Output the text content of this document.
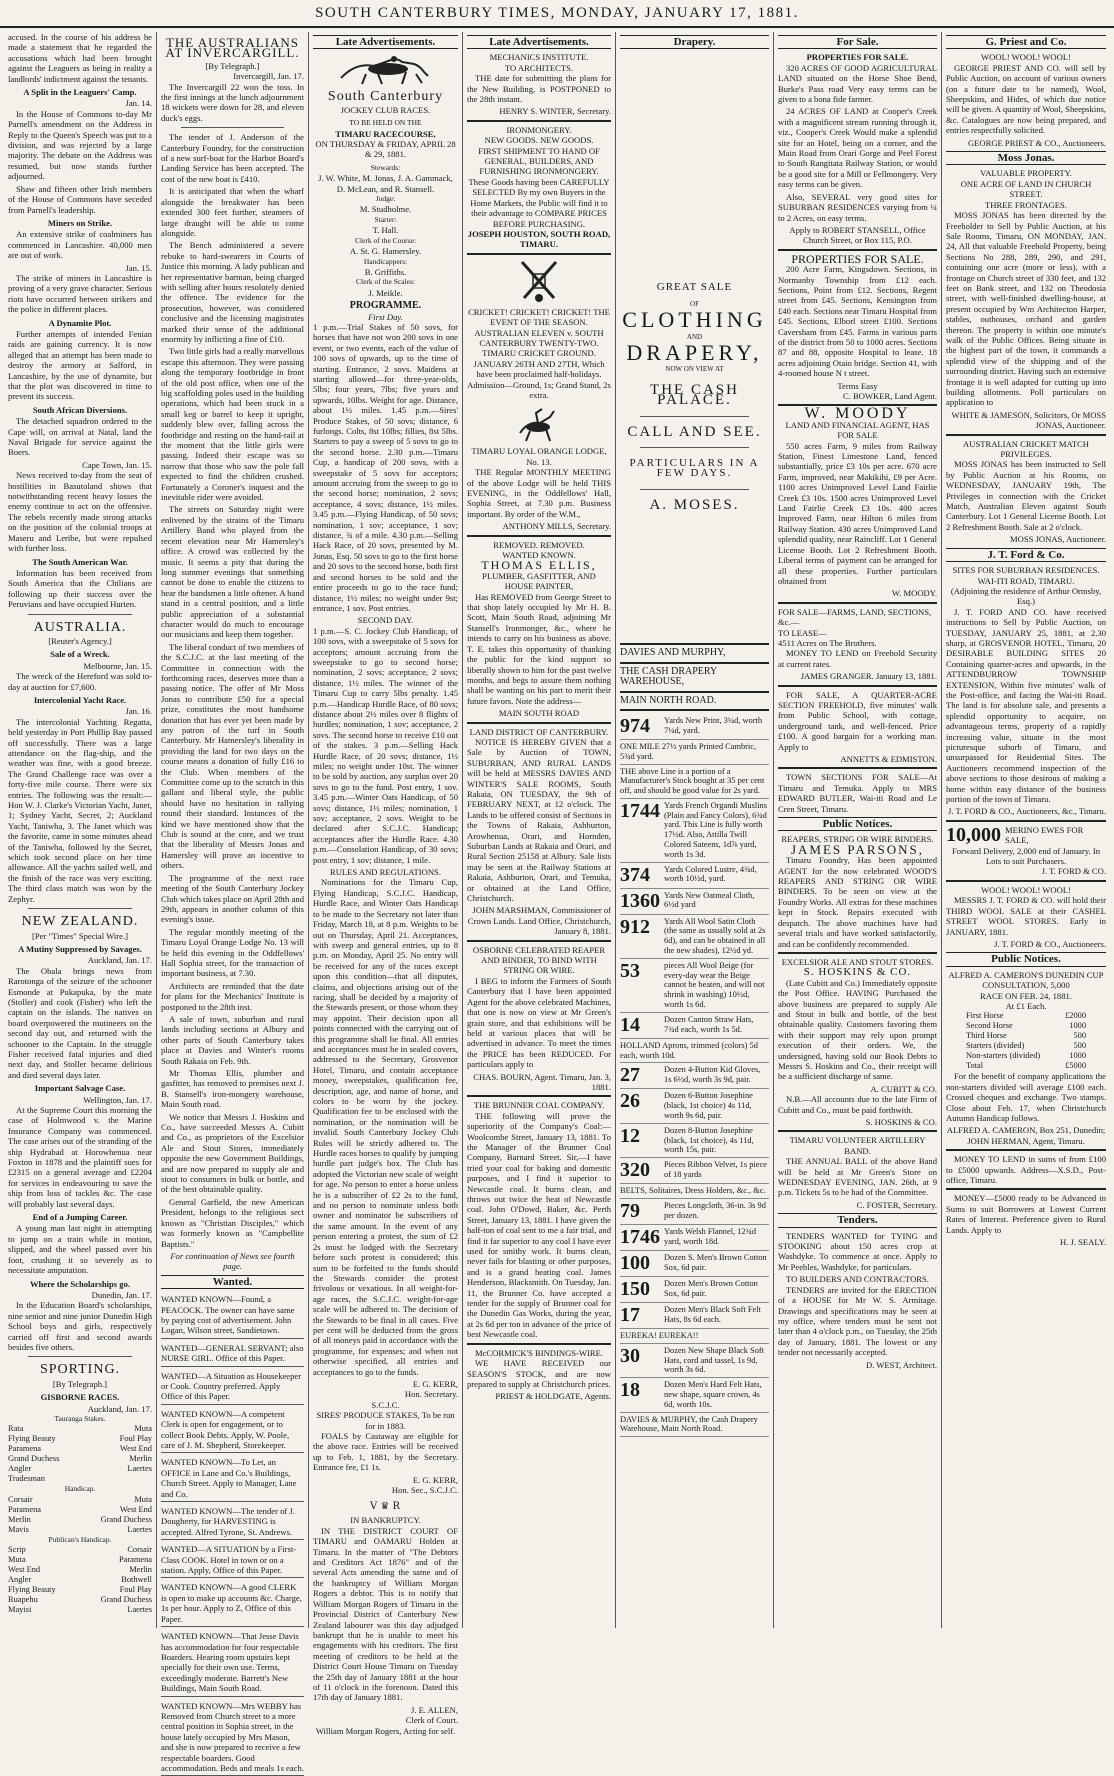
SOUTH CANTERBURY TIMES, MONDAY, JANUARY 17, 1881.

accused. In the course of his address he made a statement that he regarded the accusations which had been brought against the Leaguers as being in reality a landlords' indictment against the tenants.

A Split in the Leaguers' Camp.
Jan. 14.

In the House of Commons to-day Mr Parnell's amendment on the Address in Reply to the Queen's Speech was put to a division, and was rejected by a large majority. The debate on the Address was resumed, but now stands further adjourned.

Shaw and fifteen other Irish members of the House of Commons have seceded from Parnell's leadership.

Miners on Strike.

An extensive strike of coalminers has commenced in Lancashire. 40,000 men are out of work.

Jan. 15.

The strike of miners in Lancashire is proving of a very grave character. Serious riots have occurred between strikers and the police in different places.

A Dynamite Plot.

Further attempts of intended Fenian raids are gaining currency. It is now alleged that an attempt has been made to destroy the armory at Salford, in Lancashire, by the use of dynamite, but that the plot was discovered in time to prevent its success.

South African Diversions.

The detached squadron ordered to the Cape will, on arrival at Natal, land the Naval Brigade for service against the Boers.

Cape Town, Jan. 15.

News received to-day from the seat of hostilities in Basutoland shows that notwithstanding recent heavy losses the enemy continue to act on the offensive. The rebels recently made strong attacks on the position of the colonial troops at Maseru and Leribe, but were repulsed with further loss.

The South American War.

Information has been received from South America that the Chilians are following up their success over the Peruvians and have occupied Hurien.

AUSTRALIA.
[Reuter's Agency.]
Sale of a Wreck.
Melbourne, Jan. 15.

The wreck of the Hereford was sold to-day at auction for £7,600.

Intercolonial Yacht Race.
Jan. 16.

The intercolonial Yachting Regatta, held yesterday in Port Phillip Bay passed off successfully. There was a large attendance on the flag-ship, and the weather was fine, with a good breeze. The Grand Challenge race was over a forty-five mile course. There were six entries. The following was the result:—Hon W. J. Clarke's Victorian Yacht, Janet, 1; Sydney Yacht, Secret, 2; Auckland Yacht, Taniwha, 3. The Janet which was the favorite, came in some minutes ahead of the Taniwha, followed by the Secret, which took second place on her time allowance. All the yachts sailed well, and the finish of the race was very exciting. The third class match was won by the Zephyr.

NEW ZEALAND.
[Per "Times" Special Wire.]
A Mutiny Suppressed by Savages.
Auckland, Jan. 17.

The Obala brings news from Rarotonga of the seizure of the schooner Esmonde at Pukapuka, by the mate (Stoller) and cook (Fisher) who left the captain on the islands. The natives on board overpowered the mutineers on the second day out, and returned with the schooner to the Captain. In the struggle Fisher received fatal injuries and died next day, and Stoller became delirious and died several days later.

Important Salvage Case.
Wellington, Jan. 17.

At the Supreme Court this morning the case of Holmwood v. the Marine Insurance Company was commenced. The case arises out of the stranding of the ship Hydrabad at Horowhenua near Foxton in 1878 and the plaintiff sues for £2315 on a general average and £2204 for services in endeavouring to save the ship from loss of tackles &c. The case will probably last several days.

End of a Jumping Career.

A young man last night in attempting to jump on a train while in motion, slipped, and the wheel passed over his foot, crushing it so severely as to necessitate amputation.

Where the Scholarships go.
Dunedin, Jan. 17.

In the Education Board's scholarships, nine senior and nine junior Dunedin High School boys and girls, respectively carried off first and second awards besides five others.

SPORTING.
[By Telegraph.]
GISBORNE RACES.
Auckland, Jan. 17.
Tauranga Stakes.
Rata	Muta
Flying Beauty	Foul Play
Paramena	West End
Grand Duchess	Merlin
Angler	Laertes
Tradesman
Handicap.
Corsair	Muta
Paramena	West End
Merlin	Grand Duchess
Mavis	Laertes
Publican's Handicap.
Scrip	Corsair
Muta	Paramena
West End	Merlin
Angler	Bothwell
Flying Beauty	Foul Play
Ruapehu	Grand Duchess
Mayisi	Laertes
THE AUSTRALIANS AT INVERCARGILL.
[By Telegraph.]
Invercargill, Jan. 17.

The Invercargill 22 won the toss. In the first innings at the lunch adjournment 18 wickets were down for 28, and eleven duck's eggs.

The tender of J. Anderson of the Canterbury Foundry, for the construction of a new surf-boat for the Harbor Board's Landing Service has been accepted. The cost of the new boat is £410.

It is anticipated that when the wharf alongside the breakwater has been extended 300 feet further, steamers of large draught will be able to come alongside.

The Bench administered a severe rebuke to hard-swearers in Courts of Justice this morning. A lady publican and her representative barman, being charged with selling after hours resolutely denied the offence. The evidence for the prosecution, however, was considered conclusive and the licensing magistrates marked their sense of the additional enormity by inflicting a fine of £10.

Two little girls had a really marvellous escape this afternoon. They were passing along the temporary footbridge in front of the old post office, when one of the big scaffolding poles used in the building operations, which had been stuck in a small keg or barrel to keep it upright, suddenly blew over, falling across the footbridge and resting on the hand-rail at the moment that the little girls were passing. Indeed their escape was so narrow that those who saw the pole fall expected to find the children crushed. Fortunately a Coroner's inquest and the inevitable rider were avoided.

The streets on Saturday night were enlivened by the strains of the Timaru Artillery Band who played from the recent elevation near Mr Hamersley's office. A crowd was collected by the music. It seems a pity that during the long summer evenings that something cannot be done to enable the citizens to hear the bandsmen a little oftener. A band stand in a central position, and a little public appreciation of a substantial character would do much to encourage our musicians and keep them together.

The liberal conduct of two members of the S.C.J.C. at the last meeting of the Committee in connection with the forthcoming races, deserves more than a passing notice. The offer of Mr Moss Jonas to contribute £50 for a special prize, constitutes the most handsome donation that has ever yet been made by any patron of the turf in South Canterbury. Mr Hamersley's liberality in providing the land for two days on the course means a donation of fully £16 to the Club. When members of the Committee come up to the scratch in this gallant and liberal style, the public should have no hesitation in rallying round their standard. Instances of the kind we have mentioned show that the Club is sound at the core, and we trust that the liberality of Messrs Jonas and Hamersley will prove an incentive to others.

The programme of the next race meeting of the South Canterbury Jockey Club which takes place on April 28th and 29th, appears in another column of this evening's issue.

The regular monthly meeting of the Timaru Loyal Orange Lodge No. 13 will be held this evening in the Oddfellows' Hall Sophia street, for the transaction of important business, at 7.30.

Architects are reminded that the date for plans for the Mechanics' Institute is postponed to the 28th inst.

A sale of town, suburban and rural lands including sections at Albury and other parts of South Canterbury takes place at Davies and Winter's rooms South Rakaia on Feb. 9th.

Mr Thomas Ellis, plumber and gasfitter, has removed to premises next J. B. Stansell's iron-mongery warehouse, Main South road.

We notice that Messrs J. Hoskins and Co., have succeeded Messrs A. Cubitt and Co., as proprietors of the Excelsior Ale and Stout Stores, immediately opposite the new Government Buildings, and are now prepared to supply ale and stout to consumers in bulk or bottle, and of the best obtainable quality.

General Garfield, the new American President, belongs to the religious sect known as "Christian Disciples," which was formerly known as "Campbellite Baptists."

For continuation of News see fourth page.
Wanted.
WANTED KNOWN—Found, a PEACOCK. The owner can have same by paying cost of advertisement. John Logan, Wilson street, Sandietown.
WANTED—GENERAL SERVANT; also NURSE GIRL. Office of this Paper.
WANTED—A Situation as Housekeeper or Cook. Country preferred. Apply Office of this Paper.
WANTED KNOWN—A competent Clerk is open for engagement, or to collect Book Debts. Apply, W. Poole, care of J. M. Shepherd, Storekeeper.
WANTED KNOWN—To Let, an OFFICE in Lane and Co.'s Buildings, Church Street. Apply to Manager, Lane and Co.
WANTED KNOWN—The tender of J. Dougherty, for HARVESTING is accepted. Alfred Tyrone, St. Andrews.
WANTED—A SITUATION by a First-Class COOK. Hotel in town or on a station. Apply, Office of this Paper.
WANTED KNOWN—A good CLERK is open to make up accounts &c. Charge, 1s per hour. Apply to Z, Office of this Paper.
WANTED KNOWN—That Jesse Davis has accommodation for four respectable Boarders. Hearing room upstairs kept specially for their own use. Terms, exceedingly moderate. Barrett's New Buildings, Main South Road.
WANTED KNOWN—Mrs WEBBY has Removed from Church street to a more central position in Sophia street, in the house lately occupied by Mrs Mason, and she is now prepared to receive a few respectable boarders. Good accommodation. Beds and meals 1s each.
Late Advertisements.
South Canterbury
JOCKEY CLUB RACES.
TO BE HELD ON THE
TIMARU RACECOURSE,
ON THURSDAY & FRIDAY, APRIL 28 & 29, 1881.
Stewards:
J. W. White, M. Jonas, J. A. Gammack, D. McLean, and R. Stansell.
Judge:
M. Studholme.
Starter:
T. Hall.
Clerk of the Course:
A. St. G. Hamersley.
Handicappers:
B. Griffiths.
Clerk of the Scales:
J. Meikle.
PROGRAMME.
First Day.

1 p.m.—Trial Stakes of 50 sovs, for horses that have not won 200 sovs in one event, or two events, each of the value of 100 sovs of upwards, up to the time of starting. Entrance, 2 sovs. Maidens at starting allowed—for three-year-olds, 5lbs; four years, 7lbs; five years and upwards, 10lbs. Weight for age. Distance, about 1½ miles. 1.45 p.m.—Sires' Produce Stakes, of 50 sovs; distance, 6 furlongs. Colts, 8st 10lbs; fillies, 8st 5lbs. Starters to pay a sweep of 5 sovs to go to the second horse. 2.30 p.m.—Timaru Cup, a handicap of 200 sovs, with a sweepstake of 5 sovs for acceptors; amount accruing from the sweep to go to the second horse; nomination, 2 sovs; acceptance, 4 sovs; distance, 1½ miles. 3.45 p.m.—Flying Handicap, of 50 sovs; nomination, 1 sov; acceptance, 1 sov; distance, ¾ of a mile. 4.30 p.m.—Selling Hack Race, of 20 sovs, presented by M. Jonas, Esq. 50 sovs to go to the first horse and 20 sovs to the second horse, both first and second horses to be sold and the entire proceeds to go to the race fund; distance, 1½ miles; no weight under 9st; entrance, 1 sov. Post entries.

SECOND DAY.

1 p.m.—S. C. Jockey Club Handicap, of 100 sovs, with a sweepstake of 5 sovs for acceptors; amount accruing from the sweepstake to go to second horse; nomination, 2 sovs; acceptance, 2 sovs; distance, 1½ miles. The winner of the Timaru Cup to carry 5lbs penalty. 1.45 p.m.—Handicap Hurdle Race, of 80 sovs; distance about 2½ miles over 8 flights of hurdles; nomination, 1 sov; acceptance, 2 sovs. The second horse to receive £10 out of the stakes. 3 p.m.—Selling Hack Hurdle Race, of 20 sovs; distance, 1½ miles; no weight under 10st. The winner to be sold by auction, any surplus over 20 sovs to go to the fund. Post entry, 1 sov. 3.45 p.m.—Winter Oats Handicap, of 50 sovs; distance, 1½ miles; nomination, 1 sov; acceptance, 2 sovs. Weight to be declared after S.C.J.C. Handicap; acceptances after the Hurdle Race. 4.30 p.m.—Consolation Handicap, of 30 sovs; post entry, 1 sov; distance, 1 mile.

RULES AND REGULATIONS.

Nominations for the Timaru Cup, Flying Handicap, S.C.J.C. Handicap, Hurdle Race, and Winter Oats Handicap to be made to the Secretary not later than Friday, March 18, at 8 p.m. Weights to be out on Thursday, April 21. Acceptances, with sweep and general entries, up to 8 p.m. on Monday, April 25. No entry will be received for any of the races except upon this condition—that all disputes, claims, and objections arising out of the racing, shall be decided by a majority of the Stewards present, or those whom they may appoint. Their decision upon all points connected with the carrying out of this programme shall be final. All entries and acceptances must be in sealed covers, addressed to the Secretary, Grosvenor Hotel, Timaru, and contain acceptance money, sweepstakes, qualification fee, description, age, and name of horse, and colors to be worn by the jockey. Qualification fee to be enclosed with the nomination, or the nomination will be invalid. South Canterbury Jockey Club Rules will be strictly adhered to. The Hurdle races horses to qualify by jumping hurdle part judge's box. The Club has adopted the Victorian new scale of weight for age. No person to enter a horse unless he is a subscriber of £2 2s to the fund, and no person to nominate unless both owner and nominator be subscribers of the same amount. In the event of any person entering a protest, the sum of £2 2s must be lodged with the Secretary before such protest is considered; this sum to be forfeited to the funds should the Stewards consider the protest frivolous or vexatious. In all weight-for-age races, the S.C.J.C. weight-for-age scale will be adhered to. The decision of the Stewards to be final in all cases. Five per cent will be deducted from the gross of all moneys paid in accordance with the programme, for expenses; and when not otherwise specified, all entries and acceptances to go to the funds.

E. G. KERR,
Hon. Secretary.
S.C.J.C.
SIRES' PRODUCE STAKES, To be run for in 1883.

FOALS by Castaway are eligible for the above race. Entries will be received up to Feb. 1, 1881, by the Secretary. Entrance fee, £1 1s.

E. G. KERR,
Hon. Sec., S.C.J.C.
V ♛ R
IN BANKRUPTCY.

IN THE DISTRICT COURT OF TIMARU and OAMARU Holden at Timaru. In the matter of "The Debtors and Creditors Act 1876" and of the several Acts amending the same and of the bankruptcy of William Morgan Rogers a debtor. This is to notify that William Morgan Rogers of Timaru in the Provincial District of Canterbury New Zealand labourer was this day adjudged bankrupt that he is unable to meet his engagements with his creditors. The first meeting of creditors to be held at the District Court House Timaru on Tuesday the 25th day of January 1881 at the hour of 11 o'clock in the forenoon. Dated this 17th day of January 1881.

J. E. ALLEN,
Clerk of Court.
William Morgan Rogers, Acting for self.
Late Advertisements.
MECHANICS INSTITUTE.
TO ARCHITECTS.

THE date for submitting the plans for the New Building, is POSTPONED to the 28th instant.

HENRY S. WINTER, Secretary.
IRONMONGERY.
NEW GOODS. NEW GOODS.
FIRST SHIPMENT TO HAND OF GENERAL, BUILDERS, AND FURNISHING IRONMONGERY.
These Goods having been CAREFULLY SELECTED By my own Buyers in the Home Markets, the Public will find it to their advantage to COMPARE PRICES BEFORE PURCHASING.
JOSEPH HOUSTON, SOUTH ROAD, TIMARU.
CRICKET! CRICKET! CRICKET! THE EVENT OF THE SEASON.
AUSTRALIAN ELEVEN v. SOUTH CANTERBURY TWENTY-TWO.
TIMARU CRICKET GROUND.
JANUARY 26TH AND 27TH, Which have been proclaimed half-holidays.
Admission—Ground, 1s; Grand Stand, 2s extra.
TIMARU LOYAL ORANGE LODGE, No. 13.

THE Regular MONTHLY MEETING of the above Lodge will be held THIS EVENING, in the Oddfellows' Hall, Sophia Street, at 7.30 p.m. Business important. By order of the W.M.,

ANTHONY MILLS, Secretary.
REMOVED. REMOVED.
WANTED KNOWN.
THOMAS ELLIS,
PLUMBER, GASFITTER, AND HOUSE PAINTER,

Has REMOVED from George Street to that shop lately occupied by Mr H. B. Scott, Main South Road, adjoining Mr Stansell's Ironmonger, &c., where he intends to carry on his business as above. T. E. takes this opportunity of thanking the public for the kind support so liberally shown to him for the past twelve months, and begs to assure them nothing shall be wanting on his part to merit their future favors. Note the address—

MAIN SOUTH ROAD
LAND DISTRICT OF CANTERBURY.

NOTICE IS HEREBY GIVEN that a Sale by Auction of TOWN, SUBURBAN, AND RURAL LANDS will be held at MESSRS DAVIES AND WINTER'S SALE ROOMS, South Rakaia, ON TUESDAY, the 9th of FEBRUARY NEXT, at 12 o'clock. The Lands to be offered consist of Sections in the Towns of Rakaia, Ashburton, Arowhenua, Orari, and Hornden, Suburban Lands at Rakaia and Orari, and Rural Section 25158 at Albury. Sale lists may be seen at the Railway Stations at Rakaia, Ashburton, Orari, and Temuka, or obtained at the Land Office, Christchurch.

JOHN MARSHMAN, Commissioner of Crown Lands. Land Office, Christchurch, January 8, 1881.
OSBORNE CELEBRATED REAPER AND BINDER, TO BIND WITH STRING OR WIRE.

I BEG to inform the Farmers of South Canterbury that I have been appointed Agent for the above celebrated Machines, that one is now on view at Mr Green's grain store, and that exhibitions will be held at various places that will be advertised in advance. To meet the times the PRICE has been REDUCED. For particulars apply to

CHAS. BOURN, Agent. Timaru, Jan. 3, 1881.
THE BRUNNER COAL COMPANY.

THE following will prove the superiority of the Company's Coal:— Woolcombe Street, January 13, 1881. To the Manager of the Brunner Coal Company, Barnard Street. Sir,—I have tried your coal for baking and domestic purposes, and I find it superior to Newcastle coal. It burns clean, and throws out twice the heat of Newcastle coal. John O'Dowd, Baker, &c. Perth Street, January 13, 1881. I have given the half-ton of coal sent to me a fair trial, and find it far superior to any coal I have ever used for smithy work. It burns clean, never fails for blasting or other purposes, and is a grand heating coal. James Henderson, Blacksmith. On Tuesday, Jan. 11, the Brunner Co. have accepted a tender for the supply of Brunner coal for the Dunedin Gas Works, during the year, at 2s 6d per ton in advance of the price of best Newcastle coal.

McCORMICK'S BINDINGS-WIRE.

WE HAVE RECEIVED our SEASON'S STOCK, and are now prepared to supply at Christchurch prices.

PRIEST & HOLDGATE, Agents.
Drapery.
GREAT SALE
OF
CLOTHING
AND
DRAPERY,
NOW ON VIEW AT
THE CASH PALACE.
CALL AND SEE.
PARTICULARS IN A FEW DAYS.
A. MOSES.
DAVIES AND MURPHY,
THE CASH DRAPERY WAREHOUSE,
MAIN NORTH ROAD.
974	Yards New Print, 3¼d, worth 7¼d, yard.
ONE MILE 27½ yards Printed Cambric, 5¾d yard.
THE above Line is a portion of a Manufacturer's Stock bought at 35 per cent off, and should be good value for 2s yard.
1744 Yards French Organdi Muslins (Plain and Fancy Colors), 6¾d yard. This Line is fully worth 17½d. Also, Attilla Twill Colored Sateens, 1d⅞ yard, worth 1s 3d.
374	Yards Colored Lustre, 4¾d, worth 10½d, yard.
1360 Yards New Oatmeal Cloth, 6½d yard
912	Yards All Wool Satin Cloth (the same as usually sold at 2s 6d), and can be obtained in all the new shades), 12½d yd.
53	pieces All Wool Beige (for every-day wear the Beige cannot be beaten, and will not shrink in washing) 10½d, worth 1s 6d.
14	Dozen Canton Straw Hats, 7¾d each, worth 1s 5d.
HOLLAND Aprons, trimmed (colors) 5d each, worth 10d.
27	Dozen 4-Button Kid Gloves, 1s 6½d, worth 3s 9d, pair.
26	Dozen 6-Button Josephine (black, 1st choice) 4s 11d, worth 9s 6d, pair.
12	Dozen 8-Button Josephine (black, 1st choice), 4s 11d, worth 15s, pair.
320	Pieces Ribbon Velvet, 1s piece of 18 yards
BELTS, Solitaires, Dress Holders, &c., &c.
79	Pieces Longcloth, 36-in. 3s 9d per dozen.
1746 Yards Welsh Flannel, 12¾d yard, worth 18d.
100	Dozen S. Men's Brown Cotton Sox, 6d pair.
150	Dozen Men's Brown Cotton Sox, 6d pair.
17	Dozen Men's Black Soft Felt Hats, 8s 6d each.
EUREKA! EUREKA!!
30	Dozen New Shape Black Soft Hats, cord and tassel, 1s 9d, worth 3s 6d.
18	Dozen Men's Hard Felt Hats, new shape, square crown, 4s 6d, worth 10s.
DAVIES & MURPHY, the Cash Drapery Warehouse, Main North Road.
For Sale.
PROPERTIES FOR SALE.

320 ACRES OF GOOD AGRICULTURAL LAND situated on the Horse Shoe Bend, Burke's Pass road Very easy terms can be given to a bona fide farmer.

24 ACRES OF LAND at Cooper's Creek with a magnificent stream running through it, viz., Cooper's Creek Would make a splendid site for an Hotel, being on a corner, and the Main Road from Orari Gorge and Peel Forest to South Rangitata Railway Station, or would be a good site for a Mill or Fellmongery. Very easy terms can be given.

Also, SEVERAL very good sites for SUBURBAN RESIDENCES varying from ¼ to 2 Acres, on easy terms.

Apply to ROBERT STANSELL, Office Church Street, or Box 115, P.O.
PROPERTIES FOR SALE.

200 Acre Farm, Kingsdown. Sections, in Normanby Township from £12 each. Sections, Point from £12. Sections, Regent street from £45. Sections, Kensington from £40 each. Sections near Timaru Hospital from £45. Sections, Elborl street £100. Sections Caversham from £45. Farms in various parts of the district from 50 to 1000 acres. Sections 87 and 88, opposite Hospital to lease. 18 acres adjoining Otaio bridge. Section 41, with 4-roomed house N t street.

Terms Easy
C. BOWKER, Land Agent.
W. MOODY
LAND AND FINANCIAL AGENT, HAS FOR SALE

550 acres Farm, 9 miles from Railway Station, Finest Limestone Land, fenced substantially, price £3 10s per acre. 670 acre Farm, improved, near Makikihi, £9 per Acre. 1100 acres Unimproved Level Land Fairlie Creek £3 10s. 1500 acres Unimproved Level Land Fairlie Creek £3 10s. 400 acres Improved Farm, near Hilton 6 miles from Railway Station. 430 acres Unimproved Land splendid quality, near Raincliff. Lot 1 General License Booth. Lot 2 Refreshment Booth. Liberal terms of payment can be arranged for all these properties. Further particulars obtained from

W. MOODY.
FOR SALE—FARMS, LAND, SECTIONS, &c.—
TO LEASE—
4511 Acres on The Brothers.

MONEY TO LEND on Freehold Security at current rates.

JAMES GRANGER. January 13, 1881.

FOR SALE, A QUARTER-ACRE SECTION FREEHOLD, five minutes' walk from Public School, with cottage, underground tank, and well-fenced. Price £100. A good bargain for a working man. Apply to

ANNETTS & EDMISTON.

TOWN SECTIONS FOR SALE—At Timaru and Temuka. Apply to MRS EDWARD BUTLER, Wai-iti Road and Le Cren Street, Timaru.

Public Notices.
REAPERS, STRING OR WIRE BINDERS.
JAMES PARSONS,

Timaru Foundry, Has been appointed AGENT for the now celebrated WOOD'S REAPERS AND STRING OR WIRE BINDERS. To be seen on view at the Foundry Works. All extras for these machines kept in Stock. Repairs executed with despatch. The above machines have had several trials and have worked satisfactorily, and can be confidently recommended.

EXCELSIOR ALE AND STOUT STORES.
S. HOSKINS & CO.

(Late Cubitt and Co.) Immediately opposite the Post Office. HAVING Purchased the above business are prepared to supply Ale and Stout in bulk and bottle, of the best obtainable quality. Customers favoring them with their support may rely upon prompt execution of their orders. We, the undersigned, having sold our Book Debts to Messrs S. Hoskins and Co., their receipt will be a sufficient discharge of same.

A. CUBITT & CO.

N.B.—All accounts due to the late Firm of Cubitt and Co., must be paid forthwith.

S. HOSKINS & CO.
TIMARU VOLUNTEER ARTILLERY BAND.

THE ANNUAL BALL of the above Band will be held at Mr Green's Store on WEDNESDAY EVENING, JAN. 26th, at 9 p.m. Tickets 5s to be had of the Committee.

C. FOSTER, Secretary.
Tenders.

TENDERS WANTED for TYING and STOOKING about 150 acres crop at Washdyke. To commence at once. Apply to Mr Peebles, Washdyke, for particulars.

TO BUILDERS AND CONTRACTORS.

TENDERS are invited for the ERECTION of a HOUSE for Mr W. S. Armitage. Drawings and specifications may be seen at my office, where tenders must be sent not later than 4 o'clock p.m., on Tuesday, the 25th day of January, 1881. The lowest or any tender not necessarily accepted.

D. WEST, Architect.
G. Priest and Co.
WOOL! WOOL! WOOL!

GEORGE PRIEST AND CO. will sell by Public Auction, on account of various owners (on a future date to be named), Wool, Sheepskins, and Hides, of which due notice will be given. A quantity of Wool, Sheepskins, &c. Catalogues are now being prepared, and entries respectfully solicited.

GEORGE PRIEST & CO., Auctioneers.
Moss Jonas.
VALUABLE PROPERTY.
ONE ACRE OF LAND IN CHURCH STREET.
THREE FRONTAGES.

MOSS JONAS has been directed by the Freeholder to Sell by Public Auction, at his Sale Rooms, Timaru, ON MONDAY, JAN. 24, All that valuable Freehold Property, being Sections No 288, 289, 290, and 291, containing one acre (more or less), with a frontage on Church street of 330 feet, and 132 feet on Bank street, and 132 on Theodosia street, with well-finished dwelling-house, at present occupied by Wm Architecton Harper, stables, outhouses, orchard and garden thereon. The property is within one minute's walk of the Public Offices. Being situate in the highest part of the town, it commands a splendid view of the shipping and of the surrounding district. Having such an extensive frontage it is well adapted for cutting up into building allotments. Poll particulars on application to

WHITE & JAMESON, Solicitors, Or MOSS JONAS, Auctioneer.
AUSTRALIAN CRICKET MATCH PRIVILEGES.

MOSS JONAS has been instructed to Sell by Public Auction at his Rooms, on WEDNESDAY, JANUARY 19th, The Privileges in connection with the Cricket Match, Australian Eleven against South Canterbury. Lot 1 General License Booth. Lot 2 Refreshment Booth. Sale at 2 o'clock.

MOSS JONAS, Auctioneer.
J. T. Ford & Co.
SITES FOR SUBURBAN RESIDENCES.
WAI-ITI ROAD, TIMARU.
(Adjoining the residence of Arthur Ormsby, Esq.)

J. T. FORD AND CO. have received instructions to Sell by Public Auction, on TUESDAY, JANUARY 25, 1881, at 2.30 sharp, at GROSVENOR HOTEL, Timaru, 20 DESIRABLE BUILDING SITES 20 Containing quarter-acres and upwards, in the ATTENDBURROW TOWNSHIP EXTENSION, Within five minutes' walk of the Post-office, and facing the Wai-iti Road. The land is for absolute sale, and presents a splendid opportunity to acquire, on advantageous terms, property of a rapidly increasing value, situate in the most picturesque suburb of Timaru, and unsurpassed for Residential Sites. The Auctioneers recommend inspection of the above sections to those desirous of making a home within easy distance of the business portion of the town of Timaru.

J. T. FORD & CO., Auctioneers, &c., Timaru.
10,000 MERINO EWES FOR SALE,
Forward Delivery, 2,000 end of January. In Lots to suit Purchasers.
J. T. FORD & CO.
WOOL! WOOL! WOOL!

MESSRS J. T. FORD & CO. will hold their THIRD WOOL SALE at their CASHEL STREET WOOL STORES. Early in JANUARY, 1881.

J. T. FORD & CO., Auctioneers.
Public Notices.
ALFRED A. CAMERON'S DUNEDIN CUP CONSULTATION, 5,000
RACE ON FEB. 24, 1881.
At £1 Each.
First Horse	£2000
Second Horse	1000
Third Horse	500
Starters (divided)	500
Non-starters (divided)	1000
Total	£5000

For the benefit of company applications the non-starters divided will average £100 each. Crossed cheques and exchange. Two stamps. Close about Feb. 17, when Christchurch Autumn Handicap follows.

ALFRED A. CAMERON, Box 251, Dunedin; JOHN HERMAN, Agent, Timaru.

MONEY TO LEND in sums of from £100 to £5000 upwards. Address—X.S.D., Post-office, Timaru.

MONEY—£5000 ready to be Advanced in Sums to suit Borrowers at Lowest Current Rates of Interest. Preference given to Rural Lands. Apply to

H. J. SEALY.
